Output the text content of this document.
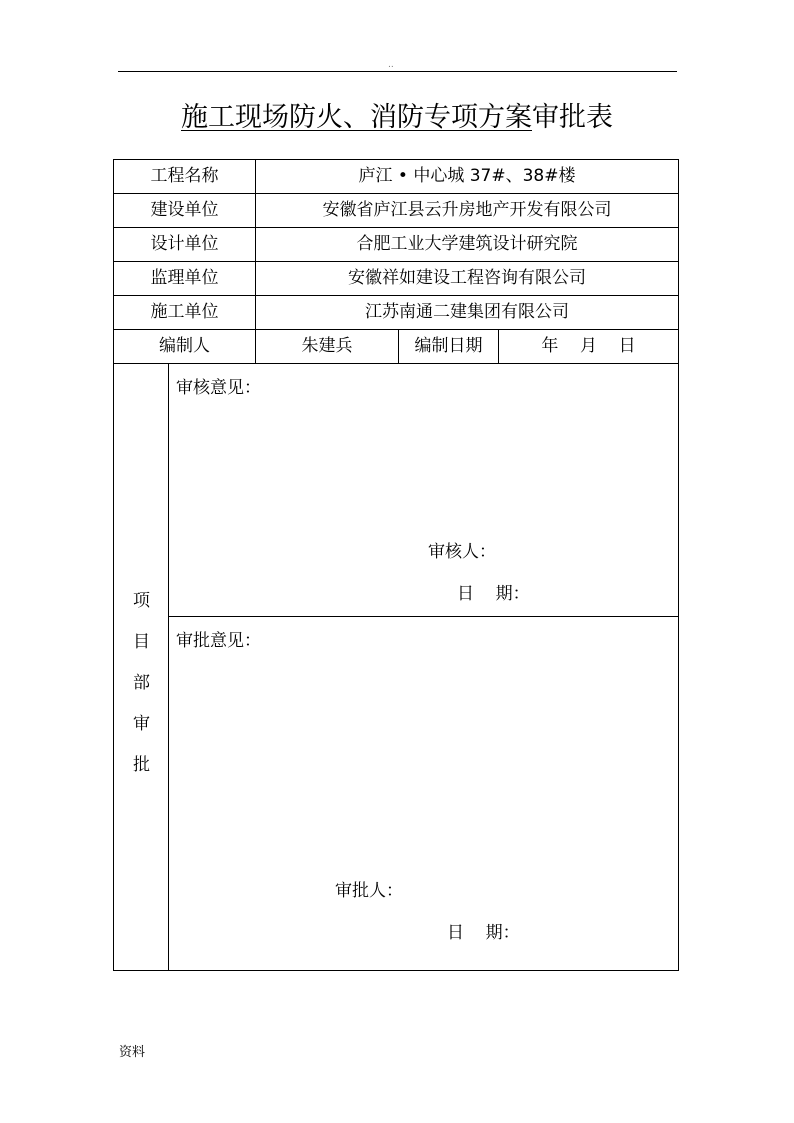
..
施工现场防火、消防专项方案审批表
工程名称	庐江 • 中心城 37#、38#楼
建设单位	安徽省庐江县云升房地产开发有限公司
设计单位	合肥工业大学建筑设计研究院
监理单位	安徽祥如建设工程咨询有限公司
施工单位	江苏南通二建集团有限公司
编制人	朱建兵	编制日期	年    月    日
项
目
部
审
批
审核意见：
审核人：
日    期：
审批意见：
审批人：
日    期：
资料
